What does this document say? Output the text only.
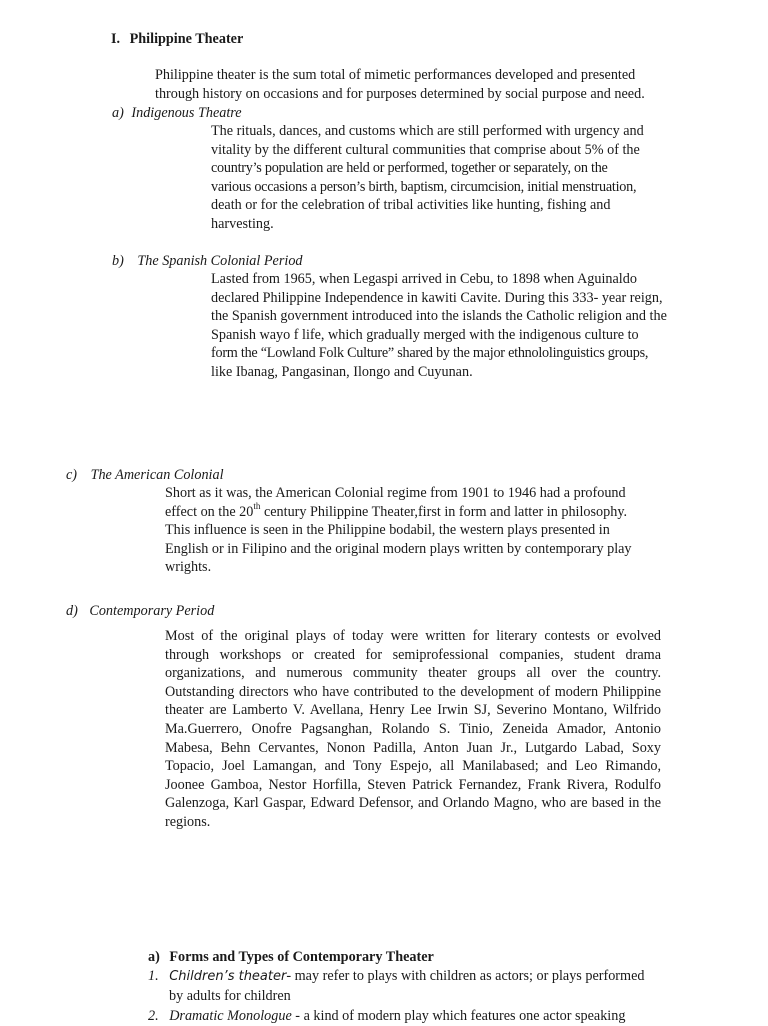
I. Philippine Theater
Philippine theater is the sum total of mimetic performances developed and presented
through history on occasions and for purposes determined by social purpose and need.
a) Indigenous Theatre
The rituals, dances, and customs which are still performed with urgency and
vitality by the different cultural communities that comprise about 5% of the
country’s population are held or performed, together or separately, on the
various occasions a person’s birth, baptism, circumcision, initial menstruation,
death or for the celebration of tribal activities like hunting, fishing and
harvesting.
b) The Spanish Colonial Period
Lasted from 1965, when Legaspi arrived in Cebu, to 1898 when Aguinaldo
declared Philippine Independence in kawiti Cavite. During this 333- year reign,
the Spanish government introduced into the islands the Catholic religion and the
Spanish wayo f life, which gradually merged with the indigenous culture to
form the “Lowland Folk Culture” shared by the major ethnololinguistics groups,
like Ibanag, Pangasinan, Ilongo and Cuyunan.
c) The American Colonial
Short as it was, the American Colonial regime from 1901 to 1946 had a profound
effect on the 20th century Philippine Theater,first in form and latter in philosophy.
This influence is seen in the Philippine bodabil, the western plays presented in
English or in Filipino and the original modern plays written by contemporary play
wrights.
d) Contemporary Period
Most of the original plays of today were written for literary contests or evolved
through workshops or created for semiprofessional companies, student drama
organizations, and numerous community theater groups all over the country.
Outstanding directors who have contributed to the development of modern Philippine
theater are Lamberto V. Avellana, Henry Lee Irwin SJ, Severino Montano, Wilfrido
Ma.Guerrero, Onofre Pagsanghan, Rolando S. Tinio, Zeneida Amador, Antonio
Mabesa, Behn Cervantes, Nonon Padilla, Anton Juan Jr., Lutgardo Labad, Soxy
Topacio, Joel Lamangan, and Tony Espejo, all Manilabased; and Leo Rimando,
Joonee Gamboa, Nestor Horfilla, Steven Patrick Fernandez, Frank Rivera, Rodulfo
Galenzoga, Karl Gaspar, Edward Defensor, and Orlando Magno, who are based in the
regions.
a) Forms and Types of Contemporary Theater
1. Children’s theater- may refer to plays with children as actors; or plays performed
by adults for children
2. Dramatic Monologue - a kind of modern play which features one actor speaking
